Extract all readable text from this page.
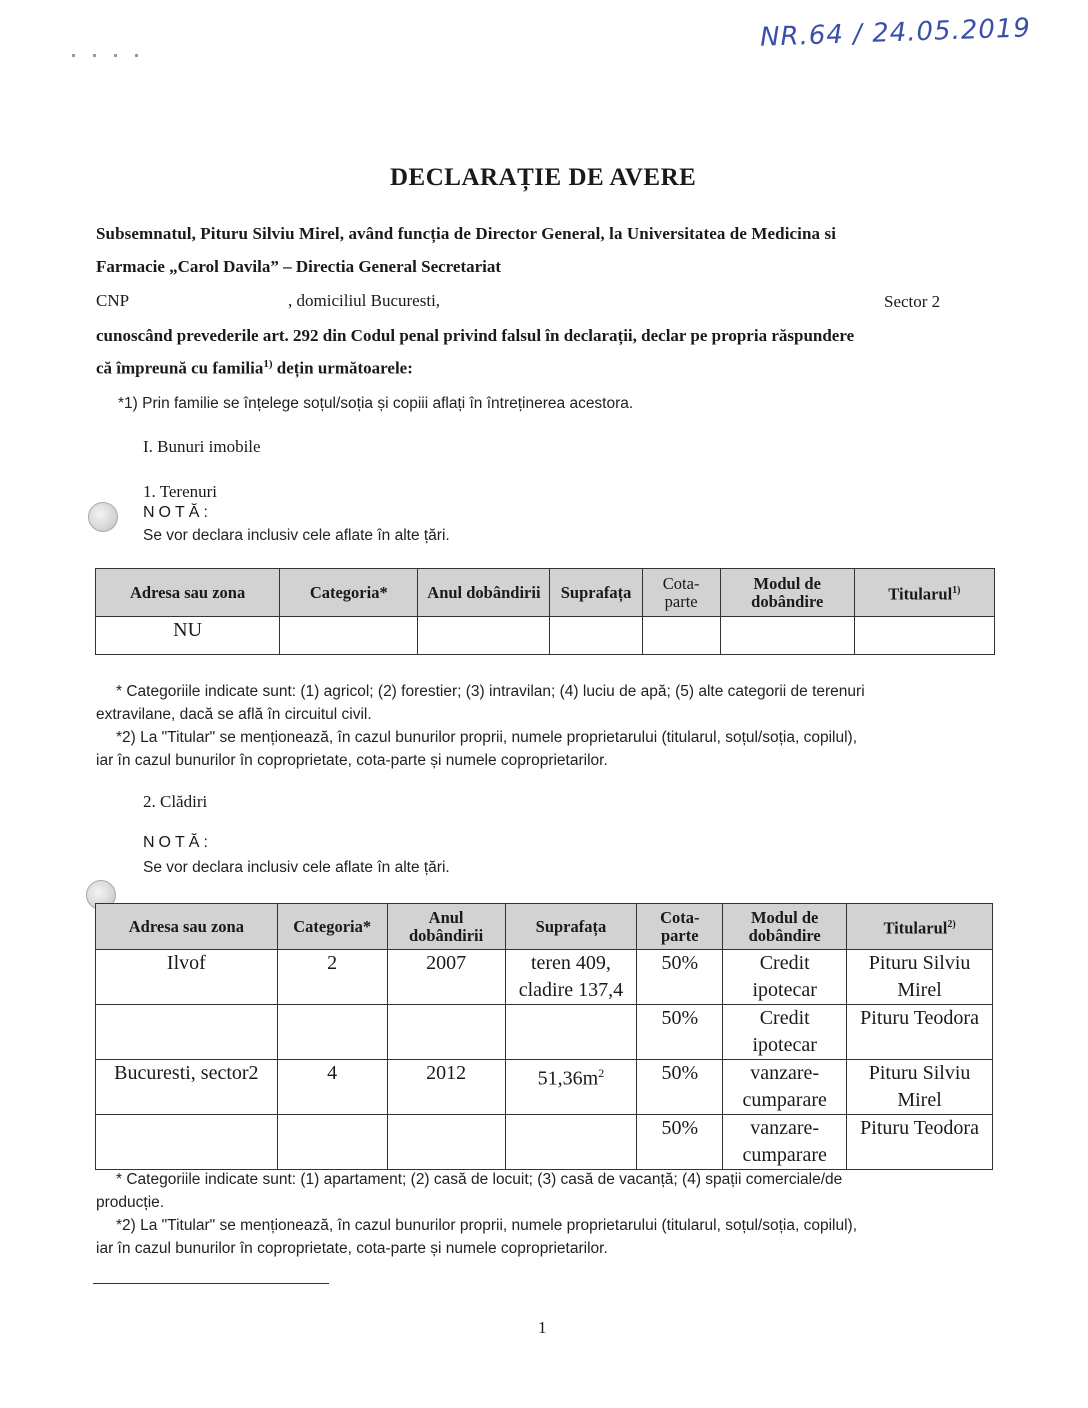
NR.64 / 24.05.2019
DECLARAȚIE DE AVERE
Subsemnatul, Pituru Silviu Mirel, având funcția de Director General, la Universitatea de Medicina si
Farmacie „Carol Davila” – Directia General Secretariat
CNP	, domiciliul Bucuresti,	Sector 2
cunoscând prevederile art. 292 din Codul penal privind falsul în declarații, declar pe propria răspundere
că împreună cu familia$^{1)}$ dețin următoarele:
*1) Prin familie se înțelege soțul/soția și copiii aflați în întreținerea acestora.
I. Bunuri imobile
1. Terenuri
NOTĂ:
Se vor declara inclusiv cele aflate în alte țări.
Adresa sau zona	Categoria*	Anul dobândirii	Suprafața	Cota-parte	Modul de dobândire	Titularul$^{1)}$
NU						
* Categoriile indicate sunt: (1) agricol; (2) forestier; (3) intravilan; (4) luciu de apă; (5) alte categorii de terenuri
extravilane, dacă se află în circuitul civil.
*2) La "Titular" se menționează, în cazul bunurilor proprii, numele proprietarului (titularul, soțul/soția, copilul),
iar în cazul bunurilor în coproprietate, cota-parte și numele coproprietarilor.
2. Clădiri
NOTĂ:
Se vor declara inclusiv cele aflate în alte țări.
Adresa sau zona	Categoria*	Anul dobândirii	Suprafața	Cota-parte	Modul de dobândire	Titularul$^{2)}$
Ilvof	2	2007	teren 409, cladire 137,4	50%	Credit ipotecar	Pituru Silviu Mirel
				50%	Credit ipotecar	Pituru Teodora
Bucuresti, sector2	4	2012	$51,36m^2$	50%	vanzare-cumparare	Pituru Silviu Mirel
				50%	vanzare-cumparare	Pituru Teodora
* Categoriile indicate sunt: (1) apartament; (2) casă de locuit; (3) casă de vacanță; (4) spații comerciale/de
producție.
*2) La "Titular" se menționează, în cazul bunurilor proprii, numele proprietarului (titularul, soțul/soția, copilul),
iar în cazul bunurilor în coproprietate, cota-parte și numele coproprietarilor.
1
